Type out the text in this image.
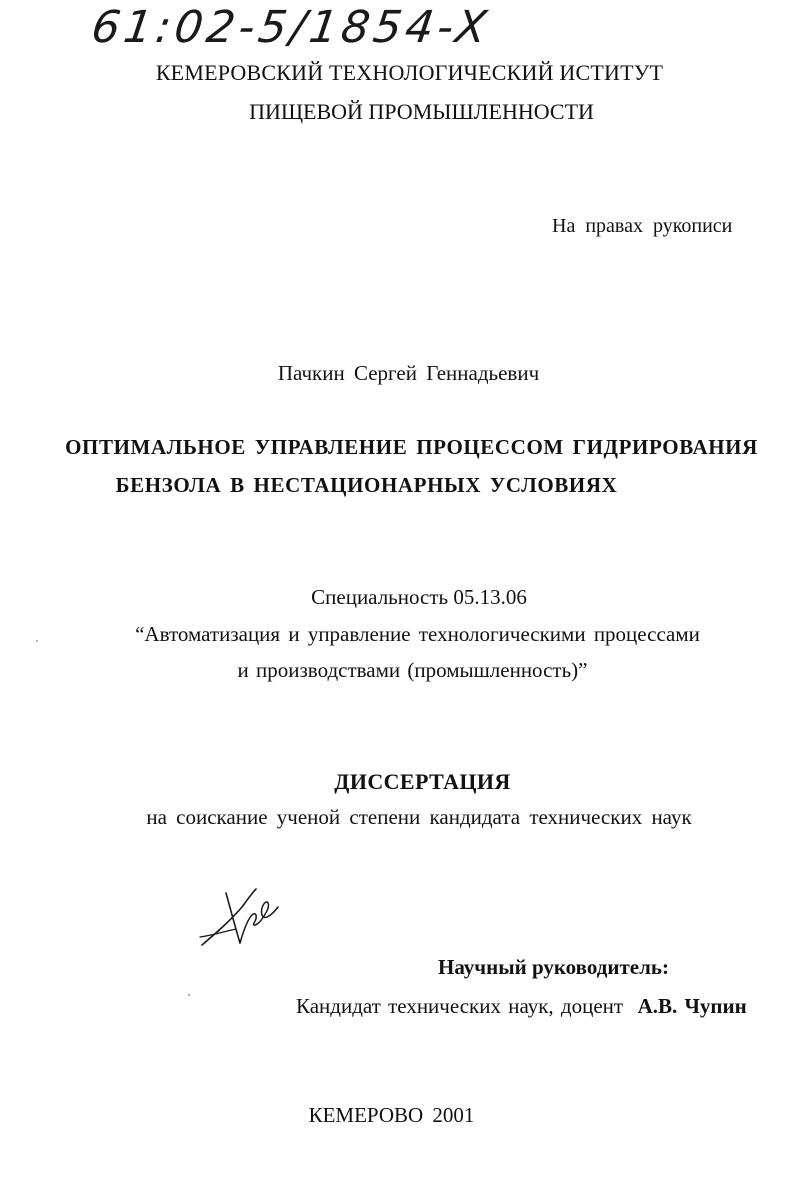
61:02-5/1854-X
КЕМЕРОВСКИЙ ТЕХНОЛОГИЧЕСКИЙ ИСТИТУТ
ПИЩЕВОЙ ПРОМЫШЛЕННОСТИ
На правах рукописи
Пачкин Сергей Геннадьевич
ОПТИМАЛЬНОЕ УПРАВЛЕНИЕ ПРОЦЕССОМ ГИДРИРОВАНИЯ
БЕНЗОЛА В НЕСТАЦИОНАРНЫХ УСЛОВИЯХ
Специальность 05.13.06
“Автоматизация и управление технологическими процессами
и производствами (промышленность)”
ДИССЕРТАЦИЯ
на соискание ученой степени кандидата технических наук
Научный руководитель:
Кандидат технических наук, доцент А.В. Чупин
КЕМЕРОВО 2001
